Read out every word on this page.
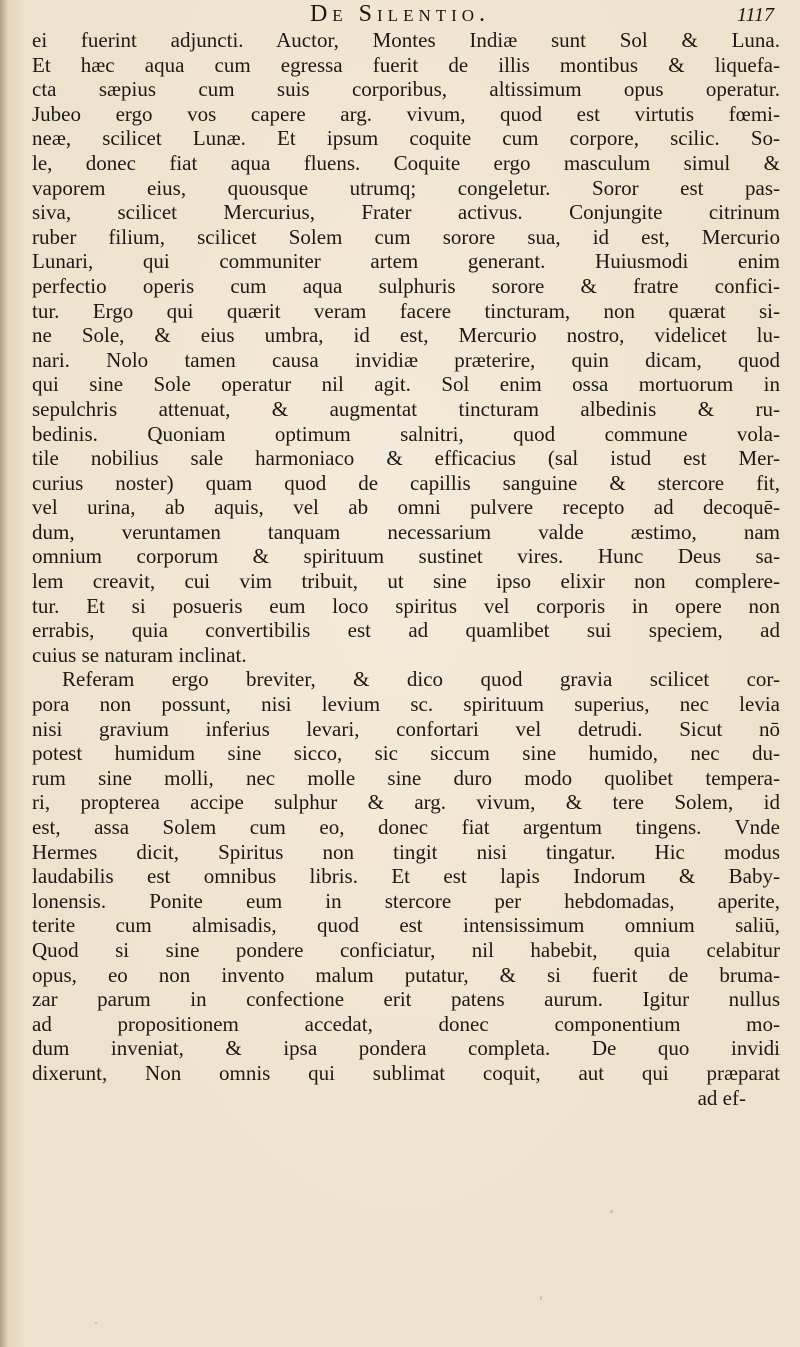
De Silentio.	1117
ei fuerint adjuncti. Auctor, Montes Indiæ sunt Sol & Luna.
Et hæc aqua cum egressa fuerit de illis montibus & liquefa-
cta sæpius cum suis corporibus, altissimum opus operatur.
Jubeo ergo vos capere arg. vivum, quod est virtutis fœmi-
neæ, scilicet Lunæ. Et ipsum coquite cum corpore, scilic. So-
le, donec fiat aqua fluens. Coquite ergo masculum simul &
vaporem eius, quousque utrumq; congeletur. Soror est pas-
siva, scilicet Mercurius, Frater activus. Conjungite citrinum
ruber filium, scilicet Solem cum sorore sua, id est, Mercurio
Lunari, qui communiter artem generant. Huiusmodi enim
perfectio operis cum aqua sulphuris sorore & fratre confici-
tur. Ergo qui quærit veram facere tincturam, non quærat si-
ne Sole, & eius umbra, id est, Mercurio nostro, videlicet lu-
nari. Nolo tamen causa invidiæ præterire, quin dicam, quod
qui sine Sole operatur nil agit. Sol enim ossa mortuorum in
sepulchris attenuat, & augmentat tincturam albedinis & ru-
bedinis. Quoniam optimum salnitri, quod commune vola-
tile nobilius sale harmoniaco & efficacius (sal istud est Mer-
curius noster) quam quod de capillis sanguine & stercore fit,
vel urina, ab aquis, vel ab omni pulvere recepto ad decoquē-
dum, veruntamen tanquam necessarium valde æstimo, nam
omnium corporum & spirituum sustinet vires. Hunc Deus sa-
lem creavit, cui vim tribuit, ut sine ipso elixir non complere-
tur. Et si posueris eum loco spiritus vel corporis in opere non
errabis, quia convertibilis est ad quamlibet sui speciem, ad
cuius se naturam inclinat.
Referam ergo breviter, & dico quod gravia scilicet cor-
pora non possunt, nisi levium sc. spirituum superius, nec levia
nisi gravium inferius levari, confortari vel detrudi. Sicut nō
potest humidum sine sicco, sic siccum sine humido, nec du-
rum sine molli, nec molle sine duro modo quolibet tempera-
ri, propterea accipe sulphur & arg. vivum, & tere Solem, id
est, assa Solem cum eo, donec fiat argentum tingens. Vnde
Hermes dicit, Spiritus non tingit nisi tingatur. Hic modus
laudabilis est omnibus libris. Et est lapis Indorum & Baby-
lonensis. Ponite eum in stercore per hebdomadas, aperite,
terite cum almisadis, quod est intensissimum omnium saliū,
Quod si sine pondere conficiatur, nil habebit, quia celabitur
opus, eo non invento malum putatur, & si fuerit de bruma-
zar parum in confectione erit patens aurum. Igitur nullus
ad propositionem accedat, donec componentium mo-
dum inveniat, & ipsa pondera completa. De quo invidi
dixerunt, Non omnis qui sublimat coquit, aut qui præparat
ad ef-
